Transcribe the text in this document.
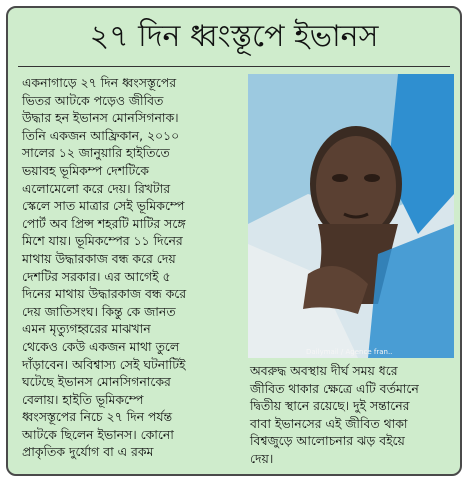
২৭ দিন ধ্বংস্তূপে ইভানস
একনাগাড়ে ২৭ দিন ধ্বংসস্তূপের
ভিতর আটকে পড়েও জীবিত
উদ্ধার হন ইভানস মোনসিগনাক।
তিনি একজন আফ্রিকান, ২০১০
সালের ১২ জানুয়ারি হাইতিতে
ভয়াবহ ভূমিকম্প দেশটিকে
এলোমেলো করে দেয়। রিখটার
স্কেলে সাত মাত্রার সেই ভূমিকম্পে
পোর্ট অব প্রিন্স শহরটি মাটির সঙ্গে
মিশে যায়। ভূমিকম্পের ১১ দিনের
মাথায় উদ্ধারকাজ বন্ধ করে দেয়
দেশটির সরকার। এর আগেই ৫
দিনের মাথায় উদ্ধারকাজ বন্ধ করে
দেয় জাতিসংঘ। কিন্তু কে জানত
এমন মৃত্যুগহ্বরের মাঝখান
থেকেও কেউ একজন মাথা তুলে
দাঁড়াবেন। অবিশ্বাস্য সেই ঘটনাটিই
ঘটেছে ইভানস মোনসিগনাকের
বেলায়। হাইতি ভূমিকম্পে
ধ্বংসস্তূপের নিচে ২৭ দিন পর্যন্ত
আটকে ছিলেন ইভানস। কোনো
প্রাকৃতিক দুর্যোগ বা এ রকম
Dailymail / Agence fran..
অবরুদ্ধ অবস্থায় দীর্ঘ সময় ধরে
জীবিত থাকার ক্ষেত্রে এটি বর্তমানে
দ্বিতীয় স্থানে রয়েছে। দুই সন্তানের
বাবা ইভানসের এই জীবিত থাকা
বিশ্বজুড়ে আলোচনার ঝড় বইয়ে
দেয়।
